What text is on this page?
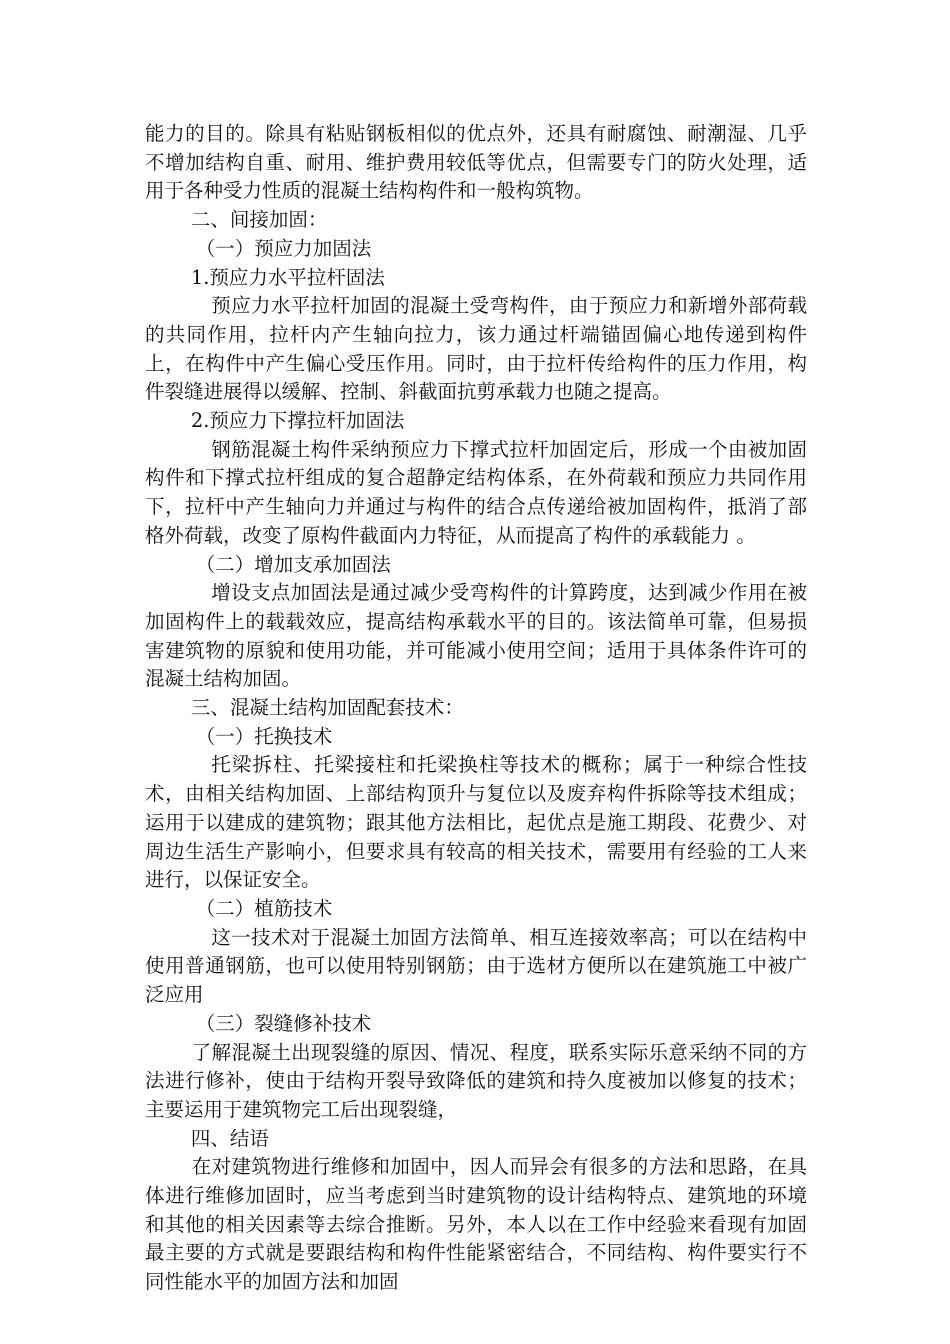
能力的目的。除具有粘贴钢板相似的优点外，还具有耐腐蚀、耐潮湿、几乎不增加结构自重、耐用、维护费用较低等优点，但需要专门的防火处理，适用于各种受力性质的混凝土结构构件和一般构筑物。

二、间接加固：

（一）预应力加固法

1.预应力水平拉杆固法

预应力水平拉杆加固的混凝土受弯构件，由于预应力和新增外部荷载的共同作用，拉杆内产生轴向拉力，该力通过杆端锚固偏心地传递到构件上，在构件中产生偏心受压作用。同时，由于拉杆传给构件的压力作用，构件裂缝进展得以缓解、控制、斜截面抗剪承载力也随之提高。

2.预应力下撑拉杆加固法

钢筋混凝土构件采纳预应力下撑式拉杆加固定后，形成一个由被加固构件和下撑式拉杆组成的复合超静定结构体系，在外荷载和预应力共同作用下，拉杆中产生轴向力并通过与构件的结合点传递给被加固构件，抵消了部格外荷载，改变了原构件截面内力特征，从而提高了构件的承载能力 。

（二）增加支承加固法

增设支点加固法是通过减少受弯构件的计算跨度，达到减少作用在被加固构件上的载载效应，提高结构承载水平的目的。该法简单可靠，但易损害建筑物的原貌和使用功能，并可能减小使用空间；适用于具体条件许可的混凝土结构加固。

三、混凝土结构加固配套技术：

（一）托换技术

托梁拆柱、托梁接柱和托梁换柱等技术的概称；属于一种综合性技术，由相关结构加固、上部结构顶升与复位以及废弃构件拆除等技术组成；运用于以建成的建筑物；跟其他方法相比，起优点是施工期段、花费少、对周边生活生产影响小，但要求具有较高的相关技术，需要用有经验的工人来进行，以保证安全。

（二）植筋技术

这一技术对于混凝土加固方法简单、相互连接效率高；可以在结构中使用普通钢筋，也可以使用特别钢筋；由于选材方便所以在建筑施工中被广泛应用

（三）裂缝修补技术

了解混凝土出现裂缝的原因、情况、程度，联系实际乐意采纳不同的方法进行修补，使由于结构开裂导致降低的建筑和持久度被加以修复的技术；主要运用于建筑物完工后出现裂缝，

四、结语

在对建筑物进行维修和加固中，因人而异会有很多的方法和思路，在具体进行维修加固时，应当考虑到当时建筑物的设计结构特点、建筑地的环境和其他的相关因素等去综合推断。另外，本人以在工作中经验来看现有加固最主要的方式就是要跟结构和构件性能紧密结合，不同结构、构件要实行不同性能水平的加固方法和加固
